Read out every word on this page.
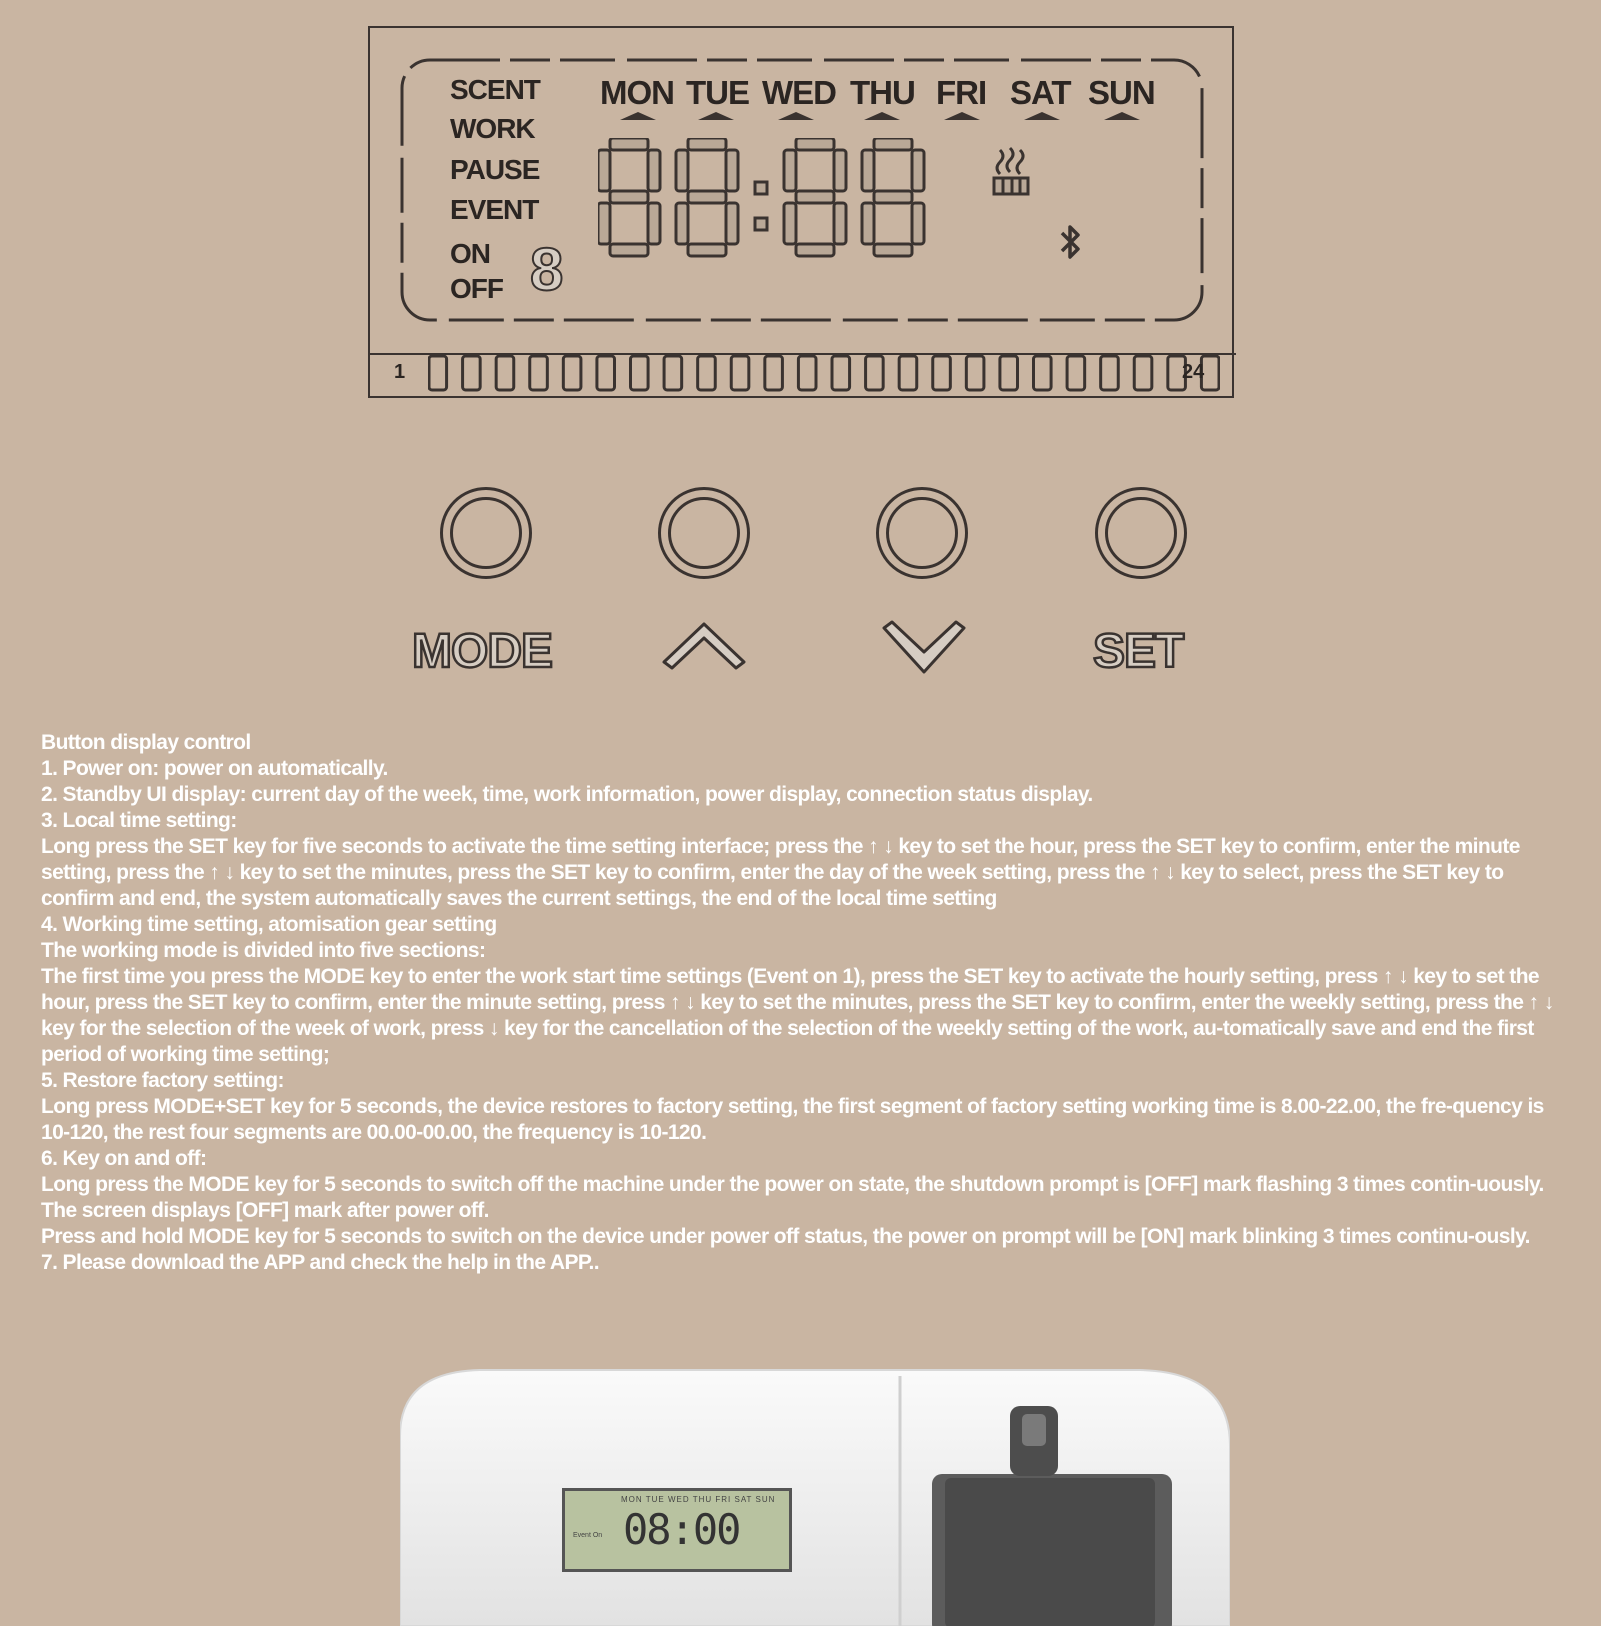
SCENT
WORK
PAUSE
EVENT
ON
OFF 8
MON TUE WED THU FRI SAT SUN
1	24
MODE	SET

Button display control

1. Power on: power on automatically.

2. Standby UI display: current day of the week, time, work information, power display, connection status display.

3. Local time setting:

Long press the SET key for five seconds to activate the time setting interface; press the ↑ ↓ key to set the hour, press the SET key to confirm, enter the minute setting, press the ↑ ↓ key to set the minutes, press the SET key to confirm, enter the day of the week setting, press the ↑ ↓ key to select, press the SET key to confirm and end, the system automatically saves the current settings, the end of the local time setting

4. Working time setting, atomisation gear setting

The working mode is divided into five sections:

The first time you press the MODE key to enter the work start time settings (Event on 1), press the SET key to activate the hourly setting, press ↑ ↓ key to set the hour, press the SET key to confirm, enter the minute setting, press ↑ ↓ key to set the minutes, press the SET key to confirm, enter the weekly setting, press the ↑ ↓ key for the selection of the week of work, press ↓ key for the cancellation of the selection of the weekly setting of the work, au-tomatically save and end the first period of working time setting;

5. Restore factory setting:

Long press MODE+SET key for 5 seconds, the device restores to factory setting, the first segment of factory setting working time is 8.00-22.00, the fre-quency is 10-120, the rest four segments are 00.00-00.00, the frequency is 10-120.

6. Key on and off:

Long press the MODE key for 5 seconds to switch off the machine under the power on state, the shutdown prompt is [OFF] mark flashing 3 times contin-uously. The screen displays [OFF] mark after power off.

Press and hold MODE key for 5 seconds to switch on the device under power off status, the power on prompt will be [ON] mark blinking 3 times continu-ously.

7. Please download the APP and check the help in the APP..

MON TUE WED THU FRI SAT SUN
Event On 08:00
